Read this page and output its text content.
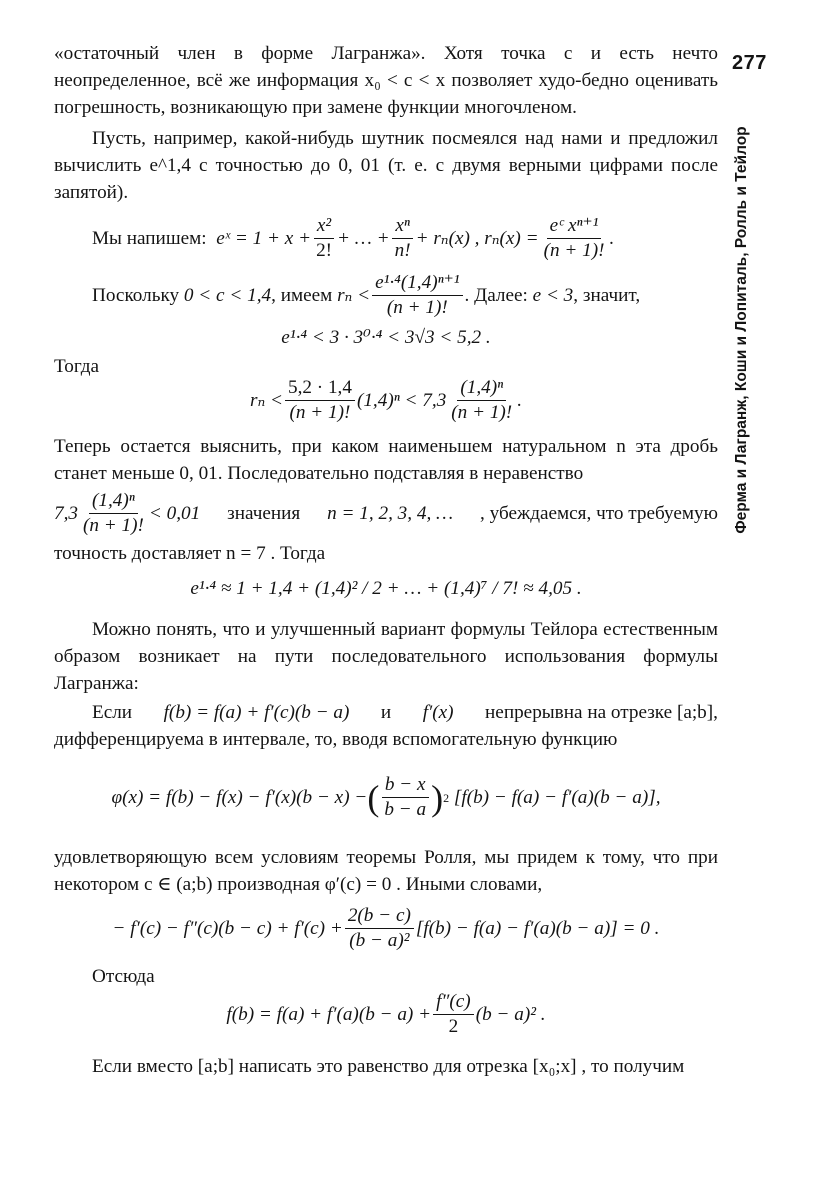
277
Ферма и Лагранж, Коши и Лопиталь, Ролль и Тейлор

«остаточный член в форме Лагранжа». Хотя точка c и есть нечто неопределенное, всё же информация x₀ < c < x позволяет худо-бедно оценивать погрешность, возникающую при замене функции многочленом.

Пусть, например, какой-нибудь шутник посмеялся над нами и предложил вычислить e^1,4 с точностью до 0, 01 (т. е. с двумя верными цифрами после запятой).

Мы напишем:
eˣ = $1 + x + \frac{\text{x²}}{2!}$ + … + $\frac{\text{xⁿ}}{n!} + r_n(x)$ ,
$r_n(x) = \frac{\text{eᶜ xⁿ⁺¹}}{(n + 1)!}$ .
Поскольку
0 < c < 1,4 , имеем
$r_n < \frac{\text{e¹·⁴(1,4)ⁿ⁺¹}}{(n + 1)!}$ . Далее:
e < 3 , значит,
e¹·⁴ < 3 · 3⁰·⁴ < 3√3 < 5,2 .

Тогда

$r_n < \frac{5,2 \cdot 1,4}{(n + 1)!} (1,4)^n < 7,3 \frac{\text{(1,4)ⁿ}}{(n + 1)!}$ .

Теперь остается выяснить, при каком наименьшем натуральном n эта дробь станет меньше 0, 01. Последовательно подставляя в неравенство

$7,3 \frac{\text{(1,4)ⁿ}}{(n + 1)!} < 0,01$ значения n = 1, 2, 3, 4, … , убеждаемся, что требуемую

точность доставляет n = 7 . Тогда

e¹·⁴ ≈ 1 + 1,4 + (1,4)² / 2 + … + (1,4)⁷ / 7! ≈ 4,05 .

Можно понять, что и улучшенный вариант формулы Тейлора естественным образом возникает на пути последовательного использования формулы Лагранжа:

Если f(b) = f(a) + f′(c)(b − a) и f′(x) непрерывна на отрезке [a;b],

дифференцируема в интервале, то, вводя вспомогательную функцию

φ(x) = f(b) − f(x) − f′(x)(b − x) − ( $\frac{b - x}{b - a}$ ) 2
[f(b) − f(a) − f′(a)(b − a)],

удовлетворяющую всем условиям теоремы Ролля, мы придем к тому, что при некотором c ∈ (a;b) производная φ′(c) = 0 . Иными словами,

− $f'(c) - f''(c)(b - c) + f'(c) + \frac{2(b - c)}{\text{(b − a)²}} [f(b) - f(a) - f'(a)(b - a)] = 0$ .

Отсюда

$f(b) = f(a) + f'(a)(b - a) + \frac{f''(c)}{2} (b - a)^2$ .

Если вместо [a;b] написать это равенство для отрезка [x₀;x] , то получим
